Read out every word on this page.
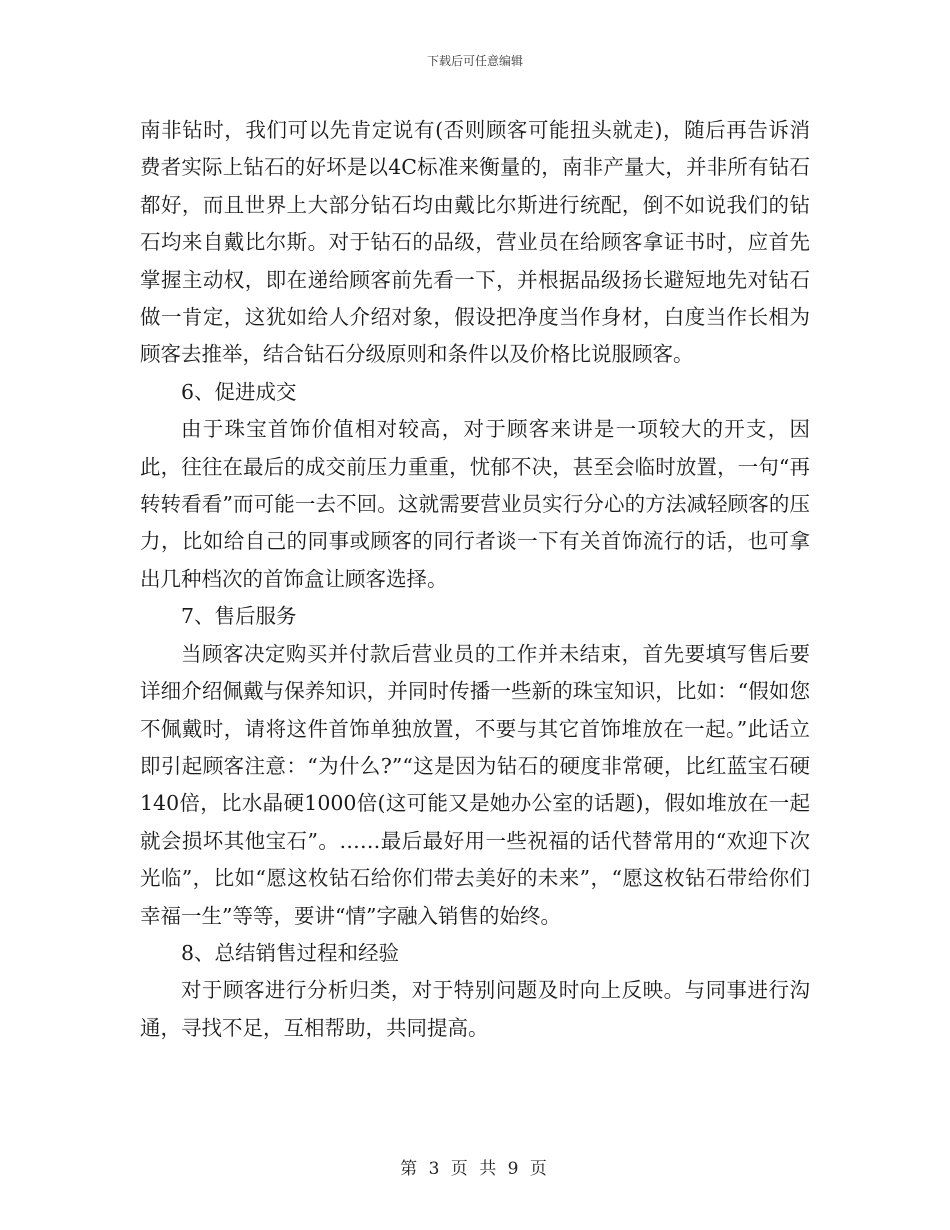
下载后可任意编辑

南非钻时，我们可以先肯定说有(否则顾客可能扭头就走)，随后再告诉消费者实际上钻石的好坏是以4C标准来衡量的，南非产量大，并非所有钻石都好，而且世界上大部分钻石均由戴比尔斯进行统配，倒不如说我们的钻石均来自戴比尔斯。对于钻石的品级，营业员在给顾客拿证书时，应首先掌握主动权，即在递给顾客前先看一下，并根据品级扬长避短地先对钻石做一肯定，这犹如给人介绍对象，假设把净度当作身材，白度当作长相为顾客去推举，结合钻石分级原则和条件以及价格比说服顾客。

6、促进成交

由于珠宝首饰价值相对较高，对于顾客来讲是一项较大的开支，因此，往往在最后的成交前压力重重，忧郁不决，甚至会临时放置，一句“再转转看看”而可能一去不回。这就需要营业员实行分心的方法减轻顾客的压力，比如给自己的同事或顾客的同行者谈一下有关首饰流行的话，也可拿出几种档次的首饰盒让顾客选择。

7、售后服务

当顾客决定购买并付款后营业员的工作并未结束，首先要填写售后要详细介绍佩戴与保养知识，并同时传播一些新的珠宝知识，比如：“假如您不佩戴时，请将这件首饰单独放置，不要与其它首饰堆放在一起。”此话立即引起顾客注意：“为什么?”“这是因为钻石的硬度非常硬，比红蓝宝石硬140倍，比水晶硬1000倍(这可能又是她办公室的话题)，假如堆放在一起就会损坏其他宝石”。……最后最好用一些祝福的话代替常用的“欢迎下次光临”，比如“愿这枚钻石给你们带去美好的未来”，“愿这枚钻石带给你们幸福一生”等等，要讲“情”字融入销售的始终。

8、总结销售过程和经验

对于顾客进行分析归类，对于特别问题及时向上反映。与同事进行沟通，寻找不足，互相帮助，共同提高。

第 3 页 共 9 页
